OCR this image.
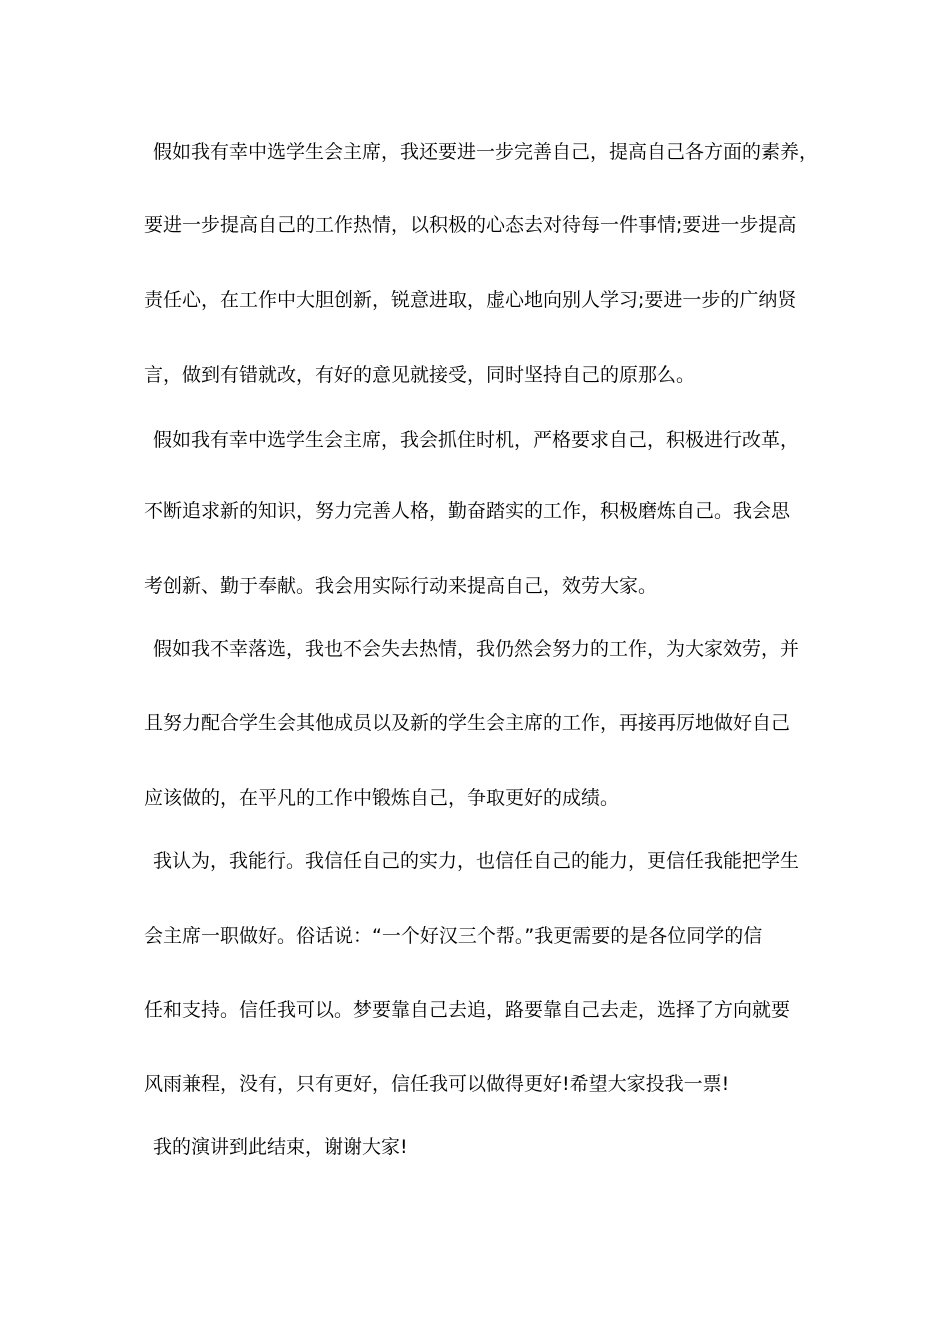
假如我有幸中选学生会主席，我还要进一步完善自己，提高自己各方面的素养，
要进一步提高自己的工作热情，以积极的心态去对待每一件事情;要进一步提高
责任心，在工作中大胆创新，锐意进取，虚心地向别人学习;要进一步的广纳贤
言，做到有错就改，有好的意见就接受，同时坚持自己的原那么。
假如我有幸中选学生会主席，我会抓住时机，严格要求自己，积极进行改革，
不断追求新的知识，努力完善人格，勤奋踏实的工作，积极磨炼自己。我会思
考创新、勤于奉献。我会用实际行动来提高自己，效劳大家。
假如我不幸落选，我也不会失去热情，我仍然会努力的工作，为大家效劳，并
且努力配合学生会其他成员以及新的学生会主席的工作，再接再厉地做好自己
应该做的，在平凡的工作中锻炼自己，争取更好的成绩。
我认为，我能行。我信任自己的实力，也信任自己的能力，更信任我能把学生
会主席一职做好。俗话说：“一个好汉三个帮。”我更需要的是各位同学的信
任和支持。信任我可以。梦要靠自己去追，路要靠自己去走，选择了方向就要
风雨兼程，没有，只有更好，信任我可以做得更好!希望大家投我一票!
我的演讲到此结束，谢谢大家!
